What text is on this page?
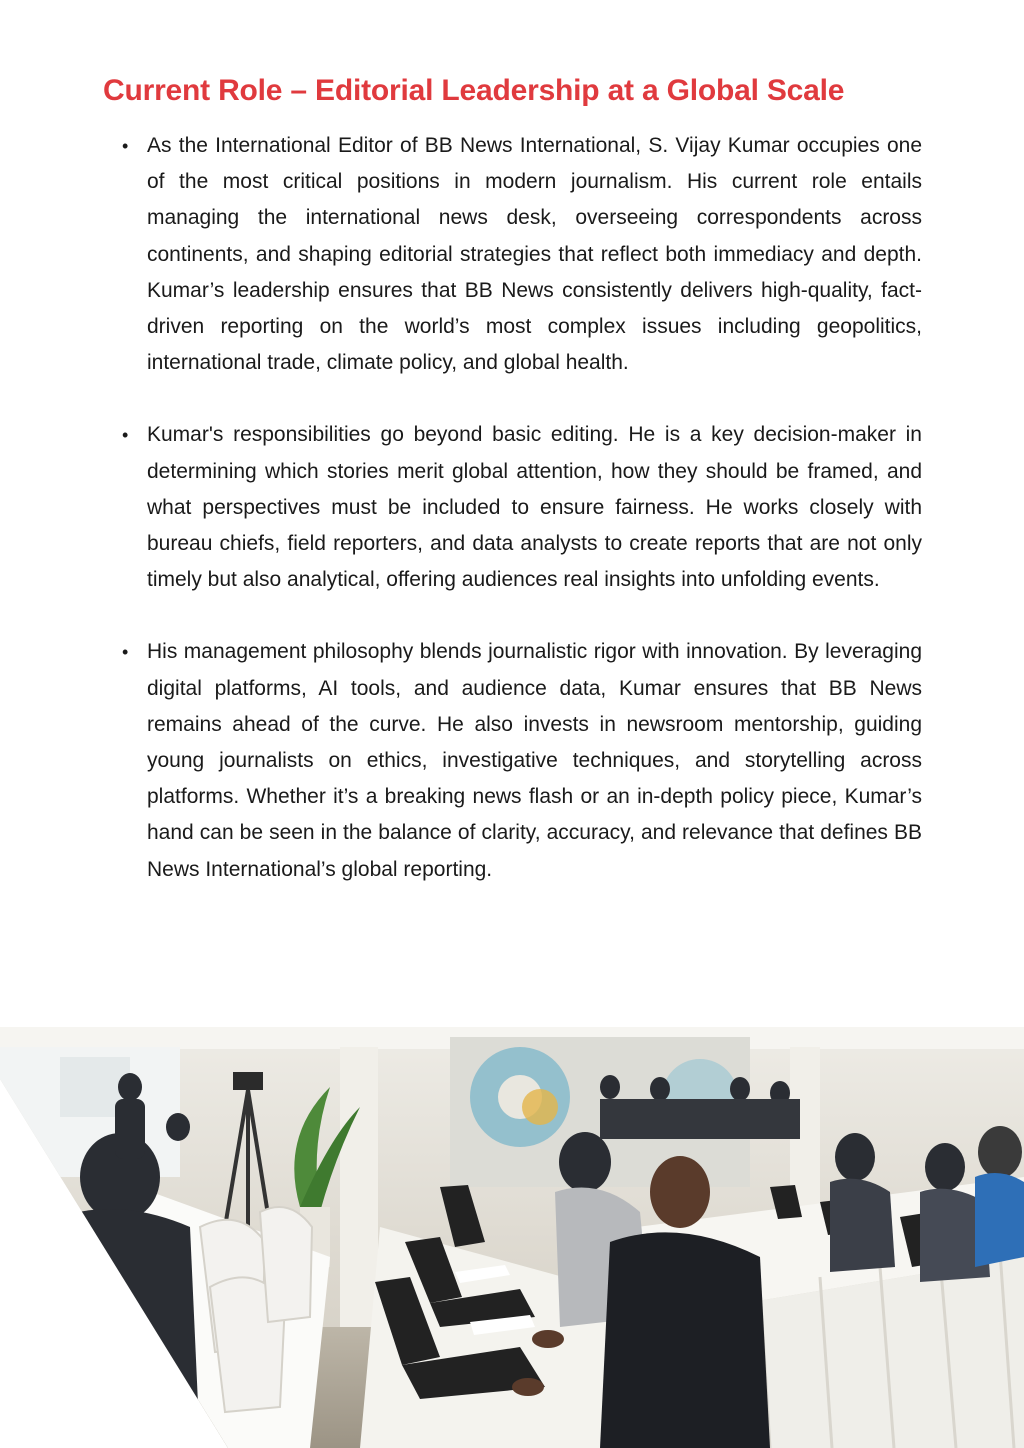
Current Role – Editorial Leadership at a Global Scale
• As the International Editor of BB News International, S. Vijay Kumar occupies one of the most critical positions in modern journalism. His current role entails managing the international news desk, overseeing correspondents across continents, and shaping editorial strategies that reflect both immediacy and depth. Kumar’s leadership ensures that BB News consistently delivers high-quality, fact-driven reporting on the world’s most complex issues including geopolitics, international trade, climate policy, and global health.
• Kumar's responsibilities go beyond basic editing. He is a key decision-maker in determining which stories merit global attention, how they should be framed, and what perspectives must be included to ensure fairness. He works closely with bureau chiefs, field reporters, and data analysts to create reports that are not only timely but also analytical, offering audiences real insights into unfolding events.
• His management philosophy blends journalistic rigor with innovation. By leveraging digital platforms, AI tools, and audience data, Kumar ensures that BB News remains ahead of the curve. He also invests in newsroom mentorship, guiding young journalists on ethics, investigative techniques, and storytelling across platforms. Whether it’s a breaking news flash or an in-depth policy piece, Kumar’s hand can be seen in the balance of clarity, accuracy, and relevance that defines BB News International’s global reporting.
